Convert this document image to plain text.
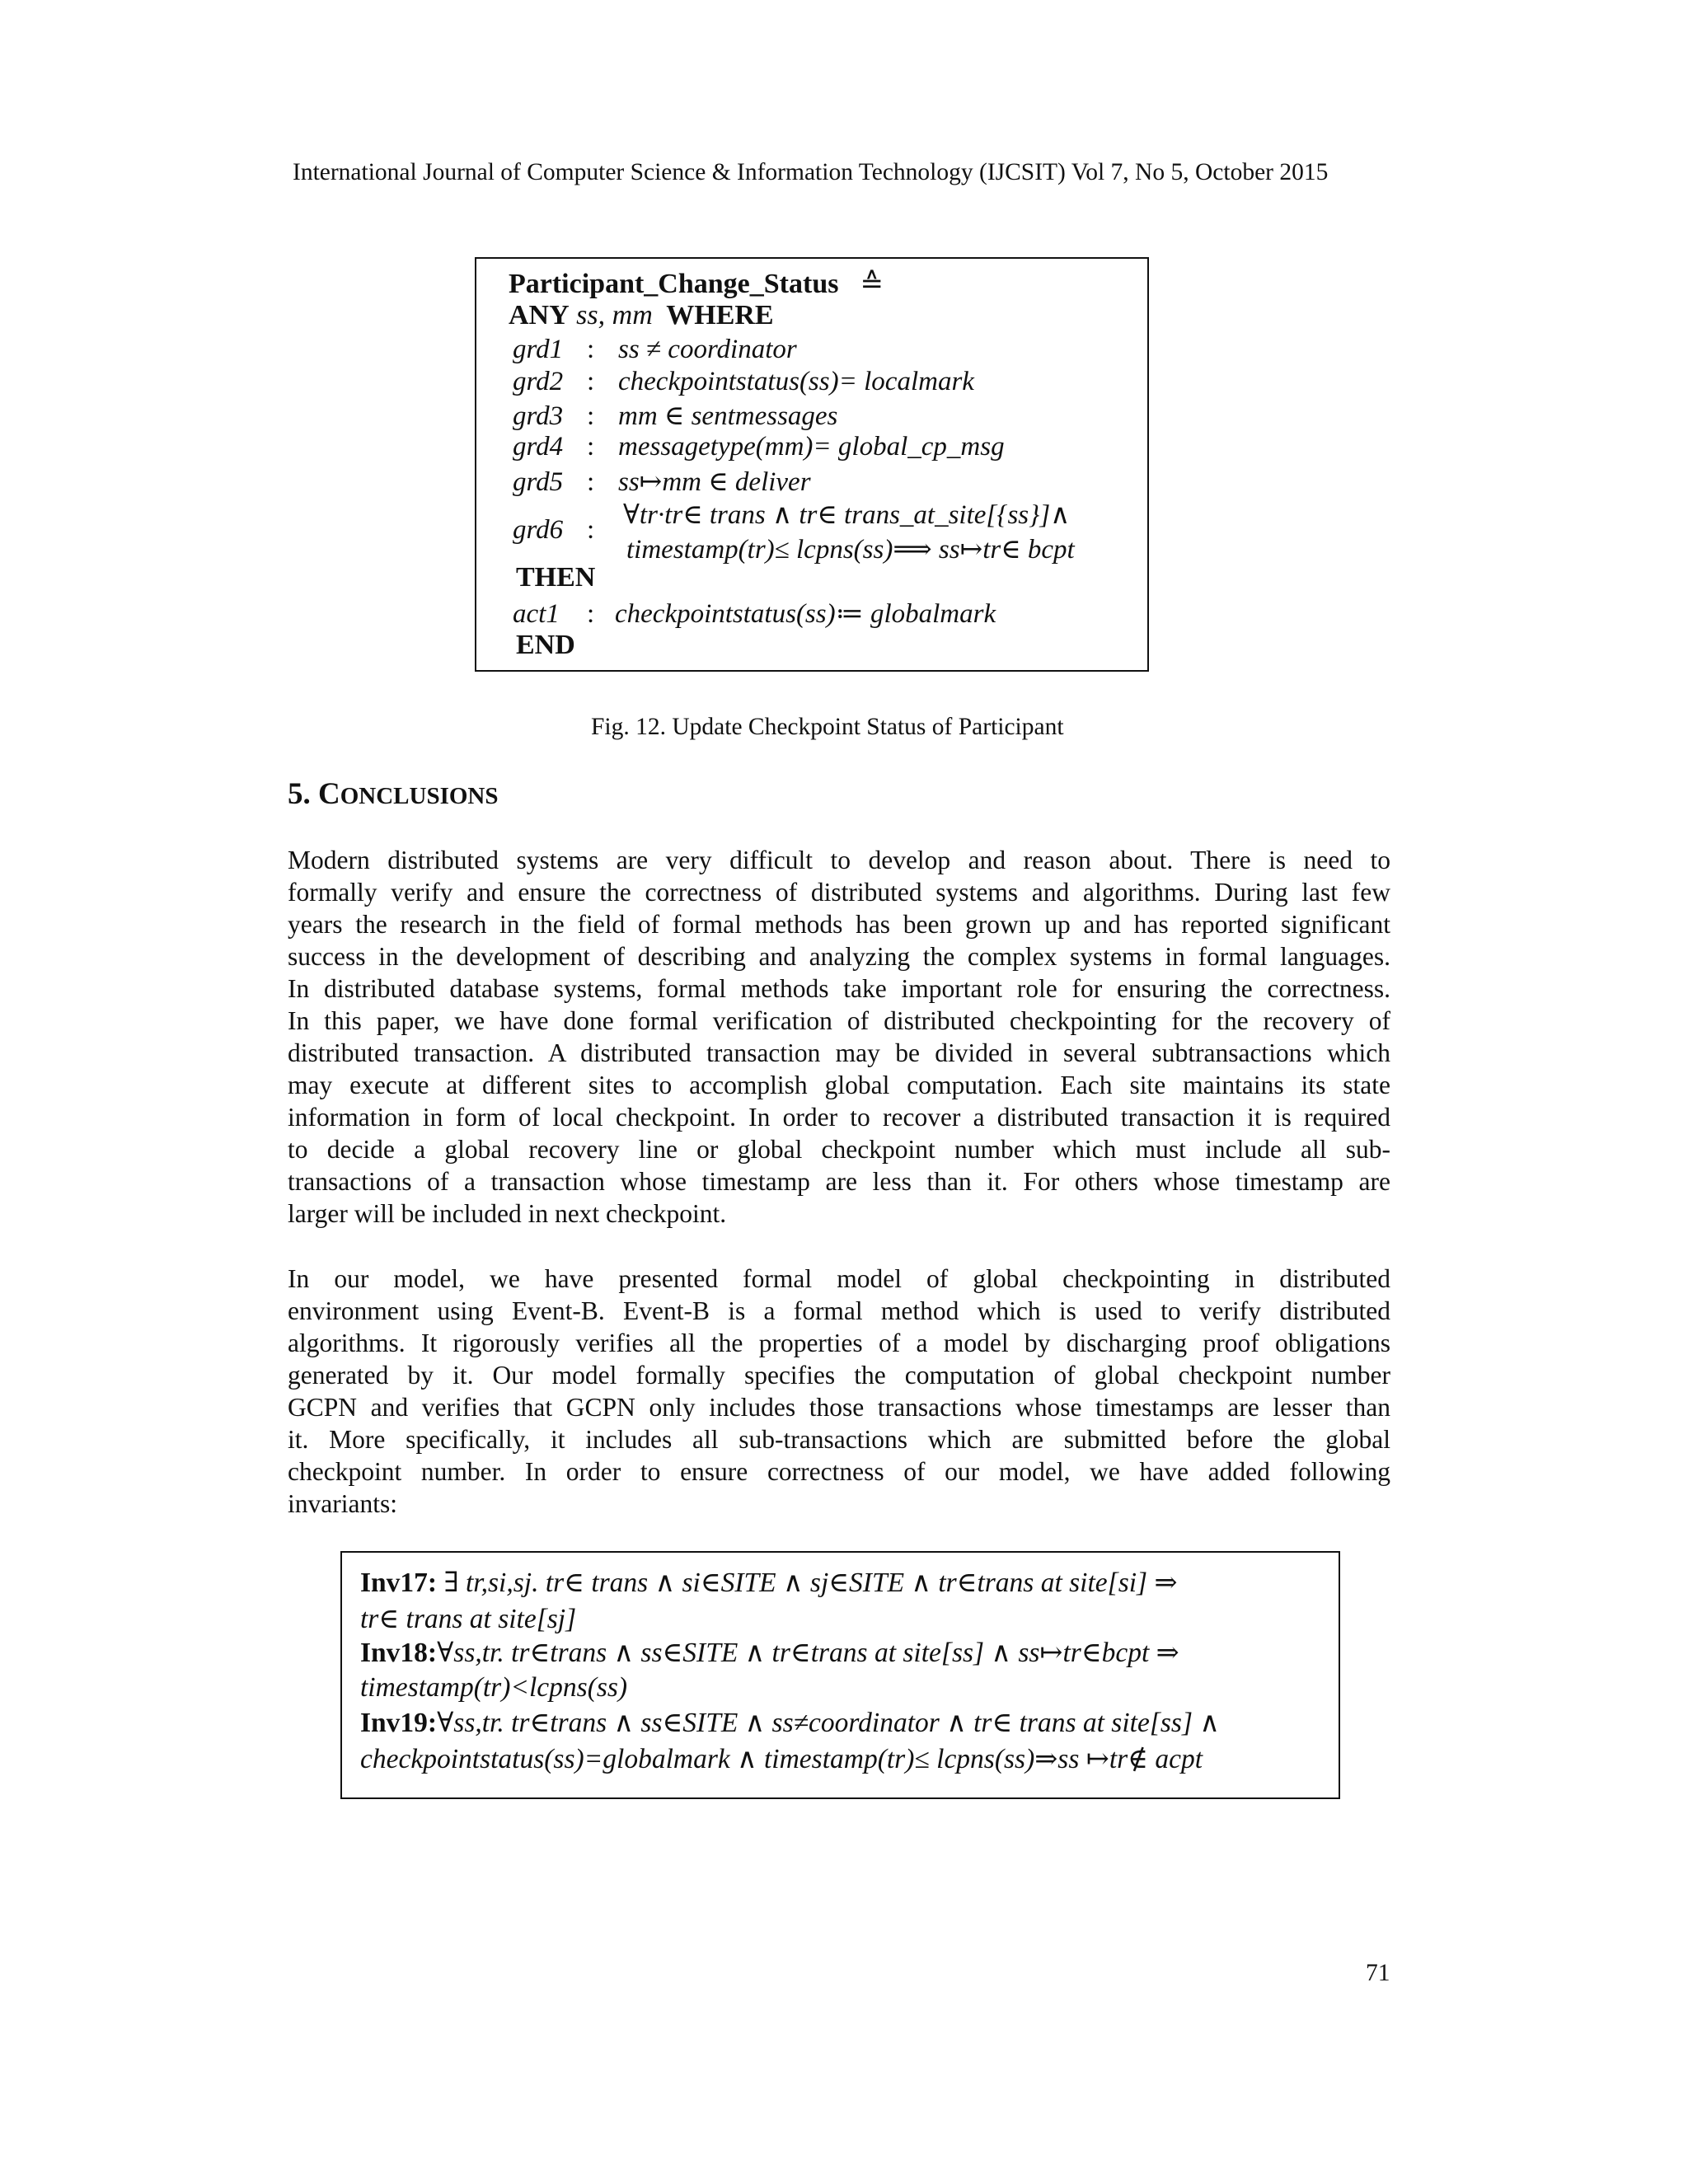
International Journal of Computer Science & Information Technology (IJCSIT) Vol 7, No 5, October 2015
Participant_Change_Status ≙
ANY ss, mm WHERE
grd1 : ss ≠ coordinator
grd2 : checkpointstatus(ss)= localmark
grd3 : mm ∈ sentmessages
grd4 : messagetype(mm)= global_cp_msg
grd5 : ss↦mm ∈ deliver
grd6 : ∀tr·tr∈ trans ∧ tr∈ trans_at_site[{ss}]∧
timestamp(tr)≤ lcpns(ss)⟹ ss↦tr∈ bcpt
THEN
act1 : checkpointstatus(ss)≔ globalmark
END
Fig. 12. Update Checkpoint Status of Participant
5. CONCLUSIONS
Modern distributed systems are very difficult to develop and reason about. There is need to
formally verify and ensure the correctness of distributed systems and algorithms. During last few
years the research in the field of formal methods has been grown up and has reported significant
success in the development of describing and analyzing the complex systems in formal languages.
In distributed database systems, formal methods take important role for ensuring the correctness.
In this paper, we have done formal verification of distributed checkpointing for the recovery of
distributed transaction. A distributed transaction may be divided in several subtransactions which
may execute at different sites to accomplish global computation. Each site maintains its state
information in form of local checkpoint. In order to recover a distributed transaction it is required
to decide a global recovery line or global checkpoint number which must include all sub-
transactions of a transaction whose timestamp are less than it. For others whose timestamp are
larger will be included in next checkpoint.
In our model, we have presented formal model of global checkpointing in distributed
environment using Event-B. Event-B is a formal method which is used to verify distributed
algorithms. It rigorously verifies all the properties of a model by discharging proof obligations
generated by it. Our model formally specifies the computation of global checkpoint number
GCPN and verifies that GCPN only includes those transactions whose timestamps are lesser than
it. More specifically, it includes all sub-transactions which are submitted before the global
checkpoint number. In order to ensure correctness of our model, we have added following
invariants:
Inv17: ∃ tr,si,sj. tr∈ trans ∧ si∈SITE ∧ sj∈SITE ∧ tr∈trans at site[si] ⇒
tr∈ trans at site[sj]
Inv18:∀ss,tr. tr∈trans ∧ ss∈SITE ∧ tr∈trans at site[ss] ∧ ss↦tr∈bcpt ⇒
timestamp(tr)<lcpns(ss)
Inv19:∀ss,tr. tr∈trans ∧ ss∈SITE ∧ ss≠coordinator ∧ tr∈ trans at site[ss] ∧
checkpointstatus(ss)=globalmark ∧ timestamp(tr)≤ lcpns(ss)⇒ss ↦tr∉ acpt
71
